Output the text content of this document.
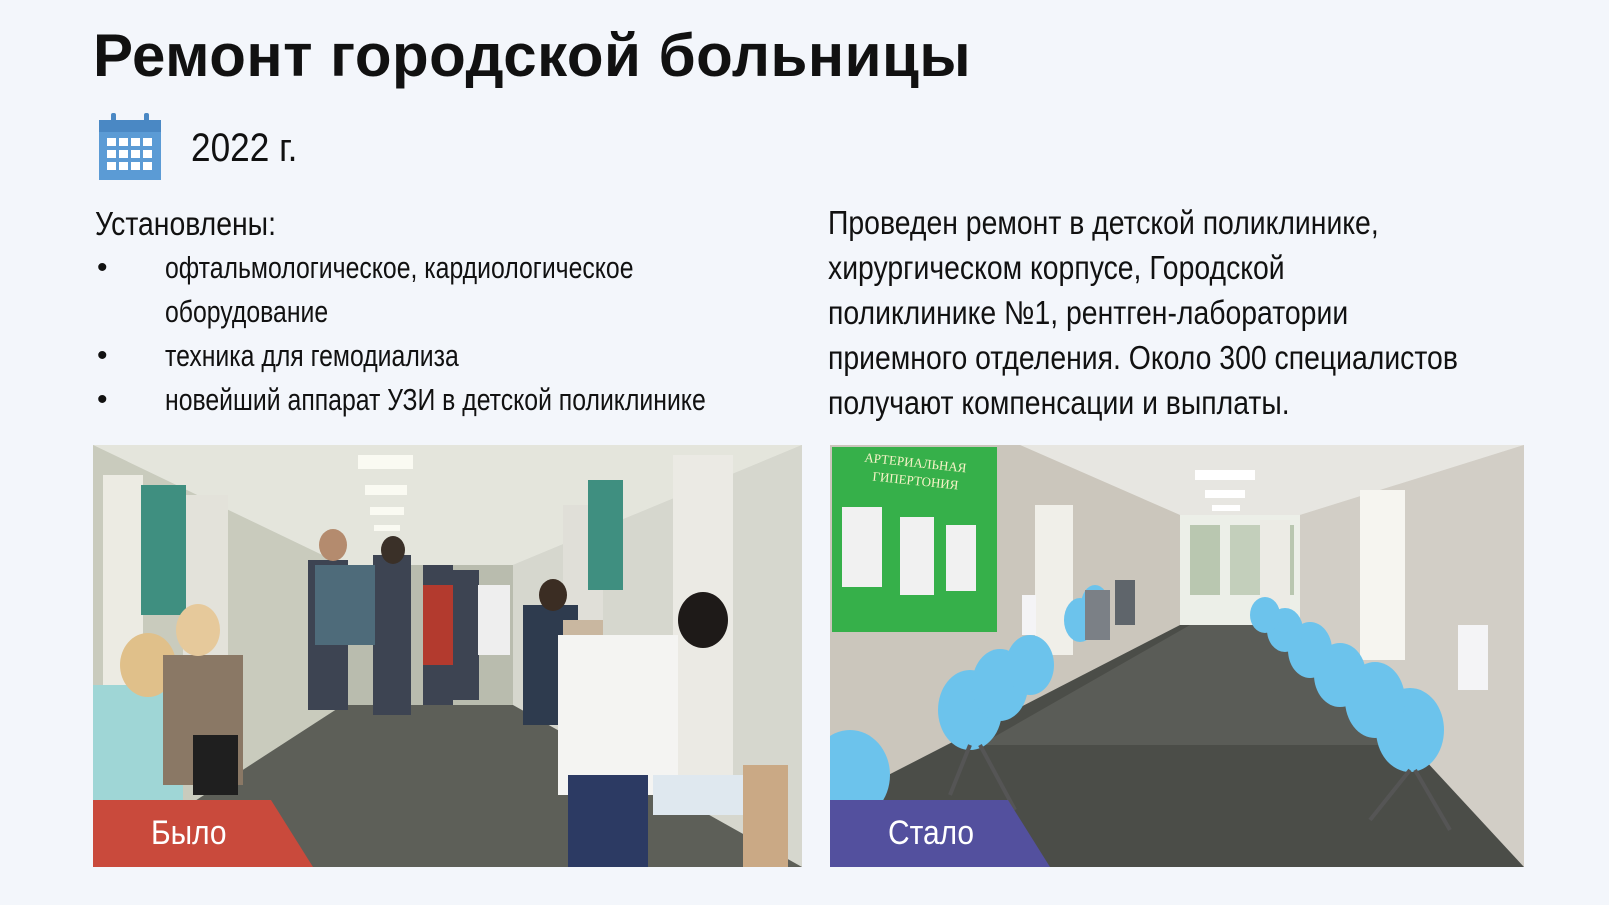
Ремонт городской больницы
2022 г.
Установлены:
• офтальмологическое, кардиологическое
оборудование
• техника для гемодиализа
• новейший аппарат УЗИ в детской поликлинике
Проведен ремонт в детской поликлинике,
хирургическом корпусе, Городской
поликлинике №1, рентген-лаборатории
приемного отделения. Около 300 специалистов
получают компенсации и выплаты.
Было
АРТЕРИАЛЬНАЯ
ГИПЕРТОНИЯ
Стало
